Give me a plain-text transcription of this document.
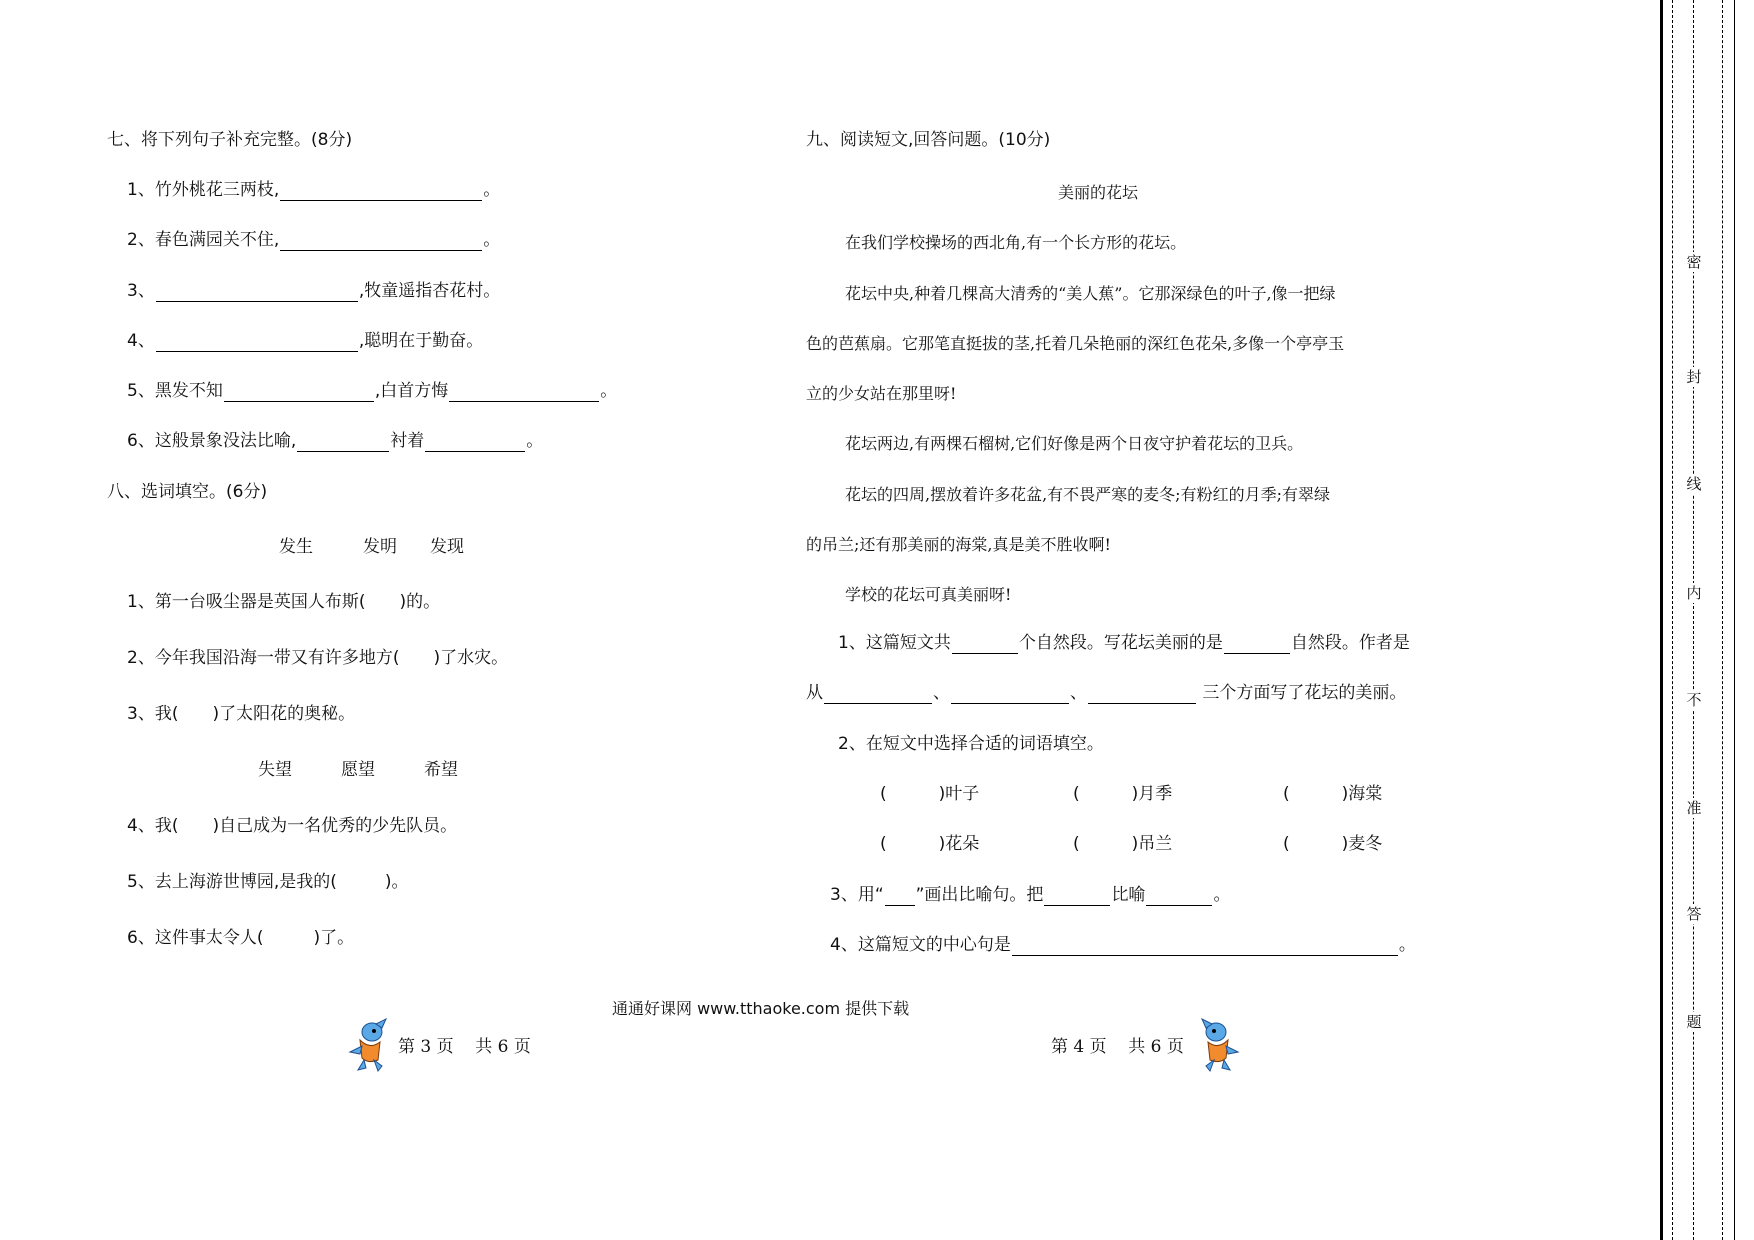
七、将下列句子补充完整。(8分)
1、竹外桃花三两枝,	。
2、春色满园关不住,	。
3、	,牧童遥指杏花村。
4、	,聪明在于勤奋。
5、黑发不知	,白首方悔	。
6、这般景象没法比喻,	衬着	。
八、选词填空。(6分)
发生	发明 发现
1、第一台吸尘器是英国人布斯( )的。
2、今年我国沿海一带又有许多地方( )了水灾。
3、我( )了太阳花的奥秘。
失望	愿望	希望
4、我( )自己成为一名优秀的少先队员。
5、去上海游世博园,是我的(	)。
6、这件事太令人(	)了。
九、阅读短文,回答问题。(10分)
美丽的花坛
在我们学校操场的西北角,有一个长方形的花坛。
花坛中央,种着几棵高大清秀的“美人蕉”。它那深绿色的叶子,像一把绿
色的芭蕉扇。它那笔直挺拔的茎,托着几朵艳丽的深红色花朵,多像一个亭亭玉
立的少女站在那里呀!
花坛两边,有两棵石榴树,它们好像是两个日夜守护着花坛的卫兵。
花坛的四周,摆放着许多花盆,有不畏严寒的麦冬;有粉红的月季;有翠绿
的吊兰;还有那美丽的海棠,真是美不胜收啊!
学校的花坛可真美丽呀!
1、这篇短文共	个自然段。写花坛美丽的是	自然段。作者是
从	、	、	三个方面写了花坛的美丽。
2、在短文中选择合适的词语填空。
(	)叶子	(	)月季	(	)海棠
(	)花朵	(	)吊兰	(	)麦冬
3、用“ ”画出比喻句。把	比喻	。
4、这篇短文的中心句是	。
通通好课网 www.tthaoke.com 提供下载
第 3 页    共 6 页	第 4 页    共 6 页
密
封
线
内
不
准
答
题
